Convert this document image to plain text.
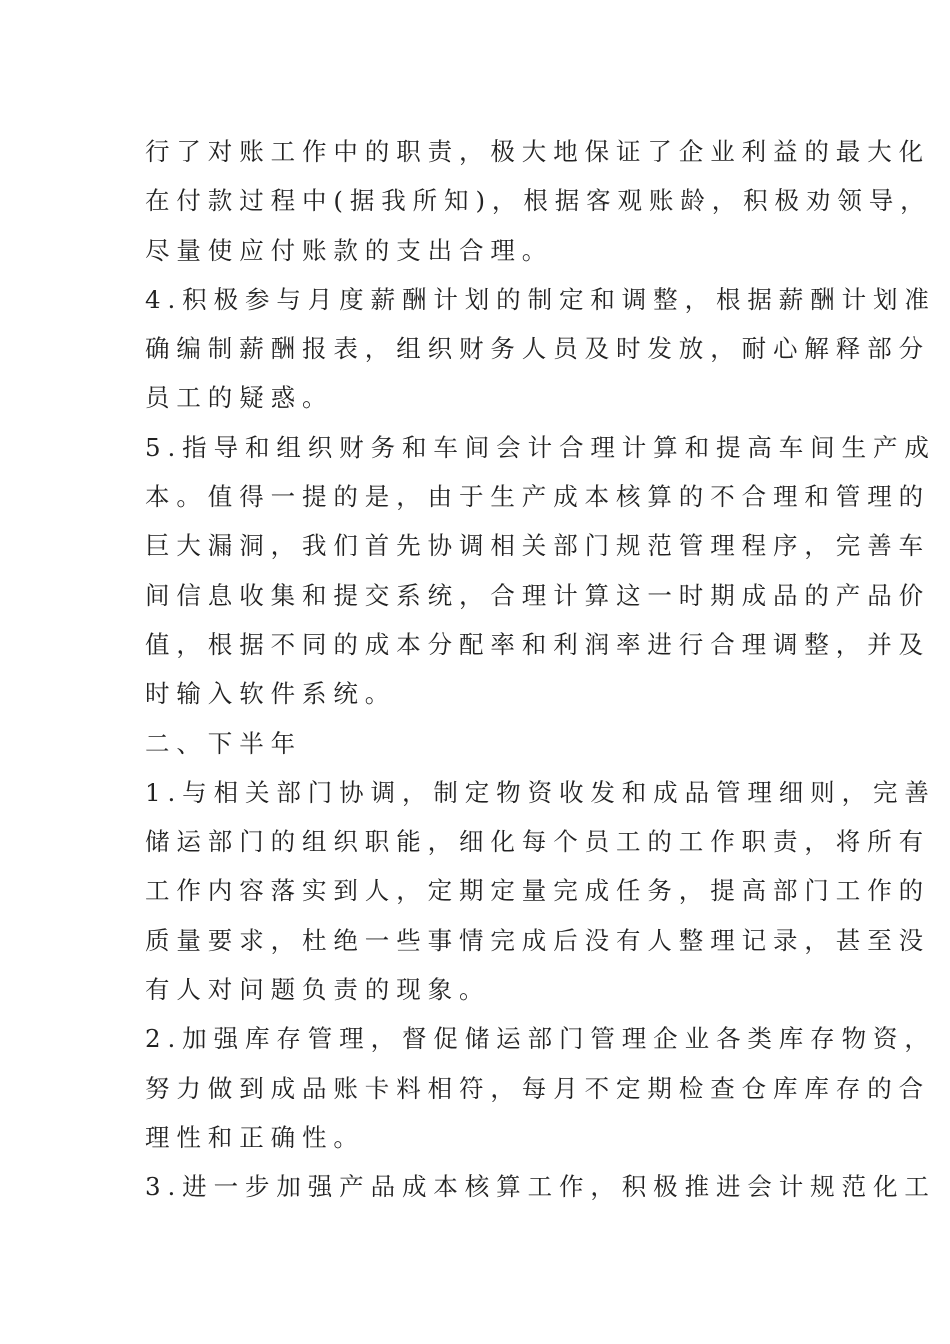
行了对账工作中的职责，极大地保证了企业利益的最大化
在付款过程中(据我所知)，根据客观账龄，积极劝领导，
尽量使应付账款的支出合理。
4.积极参与月度薪酬计划的制定和调整，根据薪酬计划准
确编制薪酬报表，组织财务人员及时发放，耐心解释部分
员工的疑惑。
5.指导和组织财务和车间会计合理计算和提高车间生产成
本。值得一提的是，由于生产成本核算的不合理和管理的
巨大漏洞，我们首先协调相关部门规范管理程序，完善车
间信息收集和提交系统，合理计算这一时期成品的产品价
值，根据不同的成本分配率和利润率进行合理调整，并及
时输入软件系统。
二、下半年
1.与相关部门协调，制定物资收发和成品管理细则，完善
储运部门的组织职能，细化每个员工的工作职责，将所有
工作内容落实到人，定期定量完成任务，提高部门工作的
质量要求，杜绝一些事情完成后没有人整理记录，甚至没
有人对问题负责的现象。
2.加强库存管理，督促储运部门管理企业各类库存物资，
努力做到成品账卡料相符，每月不定期检查仓库库存的合
理性和正确性。
3.进一步加强产品成本核算工作，积极推进会计规范化工
